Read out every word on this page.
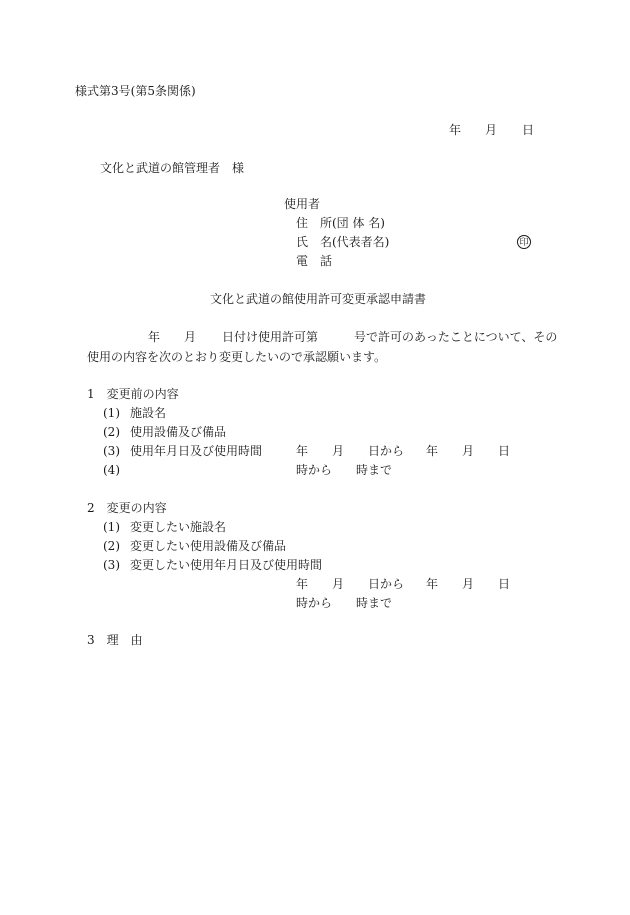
様式第3号(第5条関係)
年 月 日
文化と武道の館管理者　様
使用者
住　所(団 体 名)
氏　名(代表者名)	印
電　話
文化と武道の館使用許可変更承認申請書
年 月 日付け使用許可第	号で許可のあったことについて、その
使用の内容を次のとおり変更したいので承認願います。
1　変更前の内容
(1) 施設名
(2) 使用設備及び備品
(3) 使用年月日及び使用時間	年 月 日から 年 月 日
(4)	時から 時まで
2　変更の内容
(1) 変更したい施設名
(2) 変更したい使用設備及び備品
(3) 変更したい使用年月日及び使用時間
年 月 日から 年 月 日
時から 時まで
3　理　由
